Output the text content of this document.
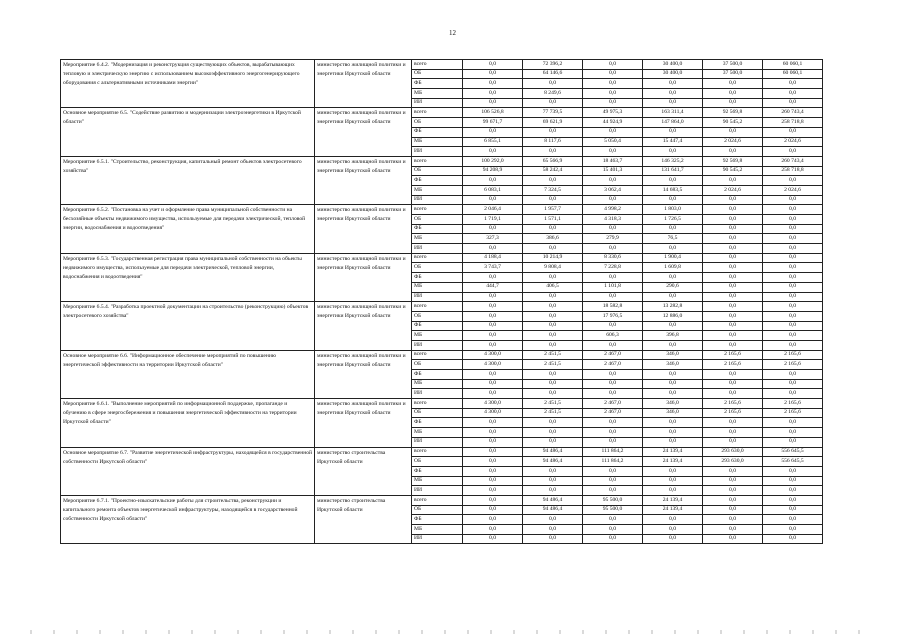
12
Мероприятие 6.4.2. "Модернизация и реконструкция существующих объектов, вырабатывающих тепловую и электрическую энергию с использованием высокоэффективного энергогенерирующего оборудования с альтернативными источниками энергии"	министерство жилищной политики и энергетики Иркутской области	всего	0,0	72 396,2	0,0	30 400,0	37 500,0	60 060,1
		ОБ	0,0	64 146,6	0,0	30 400,0	37 500,0	60 060,1
		ФБ	0,0	0,0	0,0	0,0	0,0	0,0
		МБ	0,0	8 249,6	0,0	0,0	0,0	0,0
		ИИ	0,0	0,0	0,0	0,0	0,0	0,0
Основное мероприятие 6.5. "Содействие развитию и модернизации электроэнергетики в Иркутской области"	министерство жилищной политики и энергетики Иркутской области	всего	106 526,8	77 739,5	49 975,3	163 311,4	92 569,8	260 743,4
		ОБ	99 671,7	69 621,9	44 924,9	147 864,0	90 545,2	258 718,8
		ФБ	0,0	0,0	0,0	0,0	0,0	0,0
		МБ	6 855,1	8 117,6	5 050,4	15 447,4	2 024,6	2 024,6
		ИИ	0,0	0,0	0,0	0,0	0,0	0,0
Мероприятие 6.5.1. "Строительство, реконструкция, капитальный ремонт объектов электросетевого хозяйства"	министерство жилищной политики и энергетики Иркутской области	всего	100 292,0	65 566,9	18 463,7	146 325,2	92 569,8	260 743,4
		ОБ	94 208,9	58 242,4	15 401,3	131 641,7	90 545,2	258 718,8
		ФБ	0,0	0,0	0,0	0,0	0,0	0,0
		МБ	6 083,1	7 324,5	3 062,4	14 683,5	2 024,6	2 024,6
		ИИ	0,0	0,0	0,0	0,0	0,0	0,0
Мероприятие 6.5.2. "Постановка на учет и оформление права муниципальной собственности на бесхозяйные объекты недвижимого имущества, используемые для передачи электрической, тепловой энергии, водоснабжения и водоотведения"	министерство жилищной политики и энергетики Иркутской области	всего	2 046,4	1 957,7	4 998,2	1 803,0	0,0	0,0
		ОБ	1 719,1	1 571,1	4 318,3	1 726,5	0,0	0,0
		ФБ	0,0	0,0	0,0	0,0	0,0	0,0
		МБ	327,3	386,6	279,9	76,5	0,0	0,0
		ИИ	0,0	0,0	0,0	0,0	0,0	0,0
Мероприятие 6.5.3. "Государственная регистрация права муниципальной собственности на объекты недвижимого имущества, используемые для передачи электрической, тепловой энергии, водоснабжения и водоотведения"	министерство жилищной политики и энергетики Иркутской области	всего	4 188,4	10 214,9	8 330,6	1 900,4	0,0	0,0
		ОБ	3 743,7	9 808,4	7 228,8	1 609,8	0,0	0,0
		ФБ	0,0	0,0	0,0	0,0	0,0	0,0
		МБ	444,7	406,5	1 101,8	290,6	0,0	0,0
		ИИ	0,0	0,0	0,0	0,0	0,0	0,0
Мероприятие 6.5.4. "Разработка проектной документации на строительство (реконструкцию) объектов электросетевого хозяйства"	министерство жилищной политики и энергетики Иркутской области	всего	0,0	0,0	18 582,8	13 282,8	0,0	0,0
		ОБ	0,0	0,0	17 976,5	12 886,0	0,0	0,0
		ФБ	0,0	0,0	0,0	0,0	0,0	0,0
		МБ	0,0	0,0	606,3	396,8	0,0	0,0
		ИИ	0,0	0,0	0,0	0,0	0,0	0,0
Основное мероприятие 6.6. "Информационное обеспечение мероприятий по повышению энергетической эффективности на территории Иркутской области"	министерство жилищной политики и энергетики Иркутской области	всего	4 300,0	2 451,5	2 467,0	346,0	2 165,6	2 165,6
		ОБ	4 300,0	2 451,5	2 467,0	346,0	2 165,6	2 165,6
		ФБ	0,0	0,0	0,0	0,0	0,0	0,0
		МБ	0,0	0,0	0,0	0,0	0,0	0,0
		ИИ	0,0	0,0	0,0	0,0	0,0	0,0
Мероприятие 6.6.1. "Выполнение мероприятий по информационной поддержке, пропаганде и обучению в сфере энергосбережения и повышения энергетической эффективности на территории Иркутской области"	министерство жилищной политики и энергетики Иркутской области	всего	4 300,0	2 451,5	2 467,0	346,0	2 165,6	2 165,6
		ОБ	4 300,0	2 451,5	2 467,0	346,0	2 165,6	2 165,6
		ФБ	0,0	0,0	0,0	0,0	0,0	0,0
		МБ	0,0	0,0	0,0	0,0	0,0	0,0
		ИИ	0,0	0,0	0,0	0,0	0,0	0,0
Основное мероприятие 6.7. "Развитие энергетической инфраструктуры, находящейся в государственной собственности Иркутской области"	министерство строительства Иркутской области	всего	0,0	94 486,4	111 864,2	24 139,4	293 630,0	556 645,5
		ОБ	0,0	94 486,4	111 864,2	24 139,4	293 630,0	556 645,5
		ФБ	0,0	0,0	0,0	0,0	0,0	0,0
		МБ	0,0	0,0	0,0	0,0	0,0	0,0
		ИИ	0,0	0,0	0,0	0,0	0,0	0,0
Мероприятие 6.7.1. "Проектно-изыскательские работы для строительства, реконструкции и капитального ремонта объектов энергетической инфраструктуры, находящейся в государственной собственности Иркутской области"	министерство строительства Иркутской области	всего	0,0	94 486,4	95 500,0	24 139,4	0,0	0,0
		ОБ	0,0	94 486,4	95 500,0	24 139,4	0,0	0,0
		ФБ	0,0	0,0	0,0	0,0	0,0	0,0
		МБ	0,0	0,0	0,0	0,0	0,0	0,0
		ИИ	0,0	0,0	0,0	0,0	0,0	0,0
